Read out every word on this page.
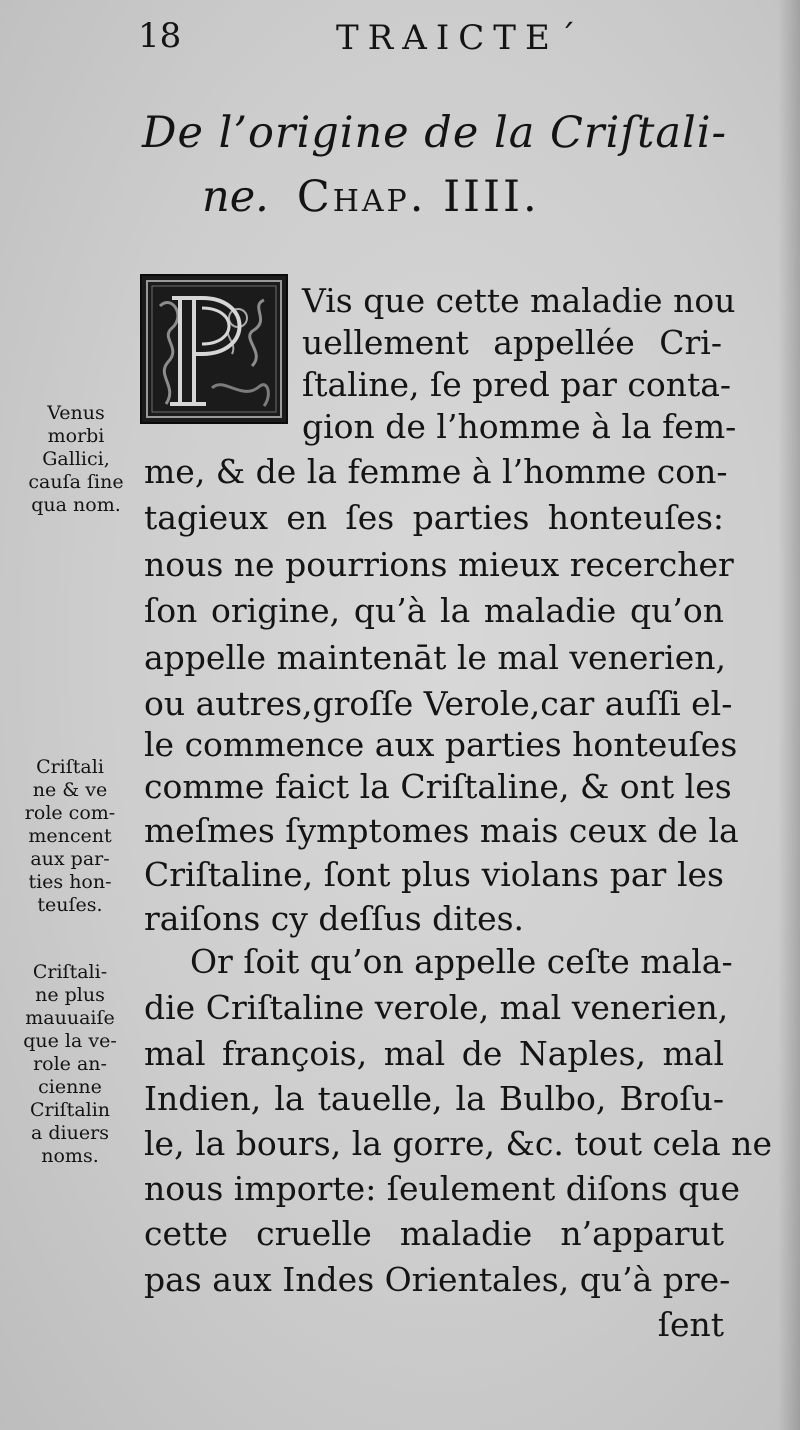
18	TRAICTE´
De l’origine de la Criſtali-
ne. Chap. IIII.
Vis que cette maladie nou
uellement appellée Cri-
ſtaline, ſe pred par conta-
gion de l’homme à la fem-
me, & de la femme à l’homme con-
tagieux en ſes parties honteuſes:
nous ne pourrions mieux recercher
ſon origine, qu’à la maladie qu’on
appelle maintenāt le mal venerien,
ou autres,groſſe Verole,car auſſi el-
le commence aux parties honteuſes
comme faict la Criſtaline, & ont les
meſmes ſymptomes mais ceux de la
Criſtaline, ſont plus violans par les
raiſons cy deſſus dites.
Or ſoit qu’on appelle ceſte mala-
die Criſtaline verole, mal venerien,
mal françois, mal de Naples, mal
Indien, la tauelle, la Bulbo, Broſu-
le, la bours, la gorre, &c. tout cela ne
nous importe: ſeulement diſons que
cette cruelle maladie n’apparut
pas aux Indes Orientales, qu’à pre-
ſent
Venus
morbi
Gallici,
cauſa ſine
qua nom.
Criſtali
ne & ve
role com-
mencent
aux par-
ties hon-
teuſes.
Criſtali-
ne plus
mauuaiſe
que la ve-
role an-
cienne
Criſtalin
a diuers
noms.
